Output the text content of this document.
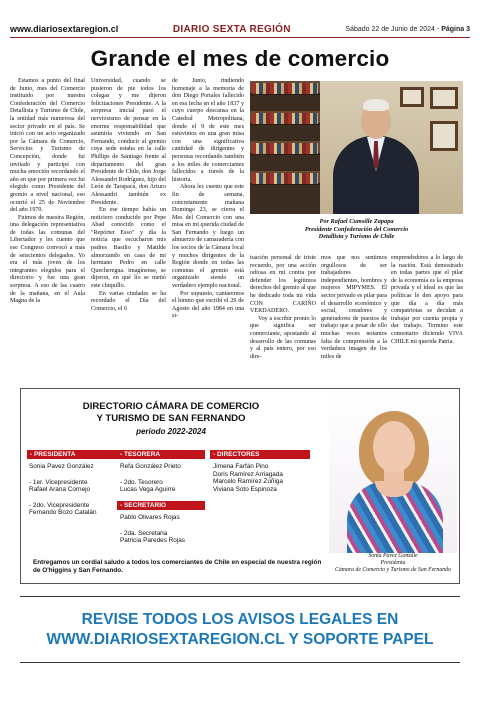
www.diariosextaregion.cl	DIARIO SEXTA REGIÓN	Sábado 22 de Junio de 2024 - Página 3
Grande el mes de comercio

Estamos a punto del final de Junio, mes del Comercio instituido por nuestra Confederación del Comercio Detallista y Turismo de Chile, la entidad más numerosa del sector privado en el país. Se inició con un acto organizado por la Cámara de Comercio, Servicios y Turismo de Concepción, donde fui invitado y participé con mucha emoción recordando el año en que por primera vez fui elegido como Presidente del gremio a nivel nacional, eso ocurrió el 25 de Noviembre del año 1970.

Fuimos de nuestra Región, una delegación representativa de todas las comunas del Libertador y les cuento que ese Congreso convocó a más de seiscientos delegados. Yo era el más joven de los integrantes elegidos para el directorio y fue una gran sorpresa. A eso de las cuatro de la mañana, en el Aula Magna de la

Universidad, cuando se pusieron de pie todos los colegas y me dijeron felicitaciones Presidente. A la sorpresa inicial pasó el nerviosismo de pensar en la enorme responsabilidad que asumiría viviendo en San Fernando, conducir al gremio cuya sede estaba en la calle Phillips de Santiago frente al departamento del gran Presidente de Chile, don Jorge Alessandri Rodríguez, hijo del León de Tarapacá, don Arturo Alessandri también ex Presidente.

En ese tiempo había un noticiero conducido por Pepe Abad conocido como el "Repórter Esso" y día la noticia que escucharon mis padres Basilio y Matilde almorzando en casa de mi hermano Pedro en calle Quecheregua. imagínense, se dijeron, en qué lío se metió este chiquillo.

En varias ciudades se ha recordado el Día del Comercio, el 6

de Junio, rindiendo homenaje a la memoria de don Diego Portales fallecido en esa fecha en el año 1837 y cuyo cuerpo descansa en la Catedral Metropolitana, donde el 9 de este mes estuvimos en una gran misa con una significativa cantidad de dirigentes y personas recordando también a los miles de comerciantes fallecidos a través de la historia.

Ahora les cuento que este fin de semana, concretamente mañana Domingo 23, se cierra el Mes del Comercio con una misa en mi querida ciudad de San Fernando y luego un almuerzo de camaradería con los socios de la Cámara local y muchos dirigentes de la Región donde en todas las comunas el gremio está organizado siendo un verdadero ejemplo nacional.

Por supuesto, cantaremos el himno que escribí el 29 de Agosto del año 1984 en una si-

Por Rafael Cumsille Zapapa
Presidente Confederación del Comercio
Detallista y Turismo de Chile

tuación personal de triste recuerdo, por una acción odiosa en mi contra por defender los legítimos derechos del gremio al que he dedicado toda mi vida CON CARIÑO VERDADERO.

Voy a escribir pronto lo que significa ser comerciante, apostando al desarrollo de las comunas y al país entero, por eso dire-

mos que nos sentimos orgullosos de ser trabajadores independientes, hombres y mujeres MIPYMES. El sector privado es pilar para el desarrollo económico y social, creadores y generadores de puestos de trabajo que a pesar de ello muchas veces notamos falta de comprensión a la verdadera imagen de los miles de

emprendedores a lo largo de la nación. Está demostrado en todas partes que el pilar de la economía es la empresa privada y el ideal es que las políticas le den apoyo para que día a día más compatriotas se decidan a trabajar por cuenta propia y dar trabajo. Termino este comentario diciendo VIVA CHILE mi querida Patria.

DIRECTORIO CÁMARA DE COMERCIO
Y TURISMO DE SAN FERNANDO
período 2022-2024
- PRESIDENTA
Sonia Pavez González
- 1er. Vicepresidente
Rafael Arana Cornejo
- 2do. Vicepresidente
Fernando Bozo Catalán
- TESORERA
Refa González Prieto
- 2do. Tesorero
Lucas Vega Aguirre
- SECRETARIO
Pablo Olivares Rojas
- 2da. Secretaria
Patricia Paredes Rojas
- DIRECTORES
Jimena Farfán Pino
Doris Ramírez Arriagada
Marcelo Ramírez Zúñiga
Viviana Soto Espinoza
Entregamos un cordial saludo a todos los comerciantes de Chile en especial de nuestra región de O'higgins y San Fernando.
Sonia Pavez Gonzále
Presidenta
Cámara de Comercio y Turismo de San Fernando
REVISE TODOS LOS AVISOS LEGALES EN
WWW.DIARIOSEXTAREGION.CL Y SOPORTE PAPEL
